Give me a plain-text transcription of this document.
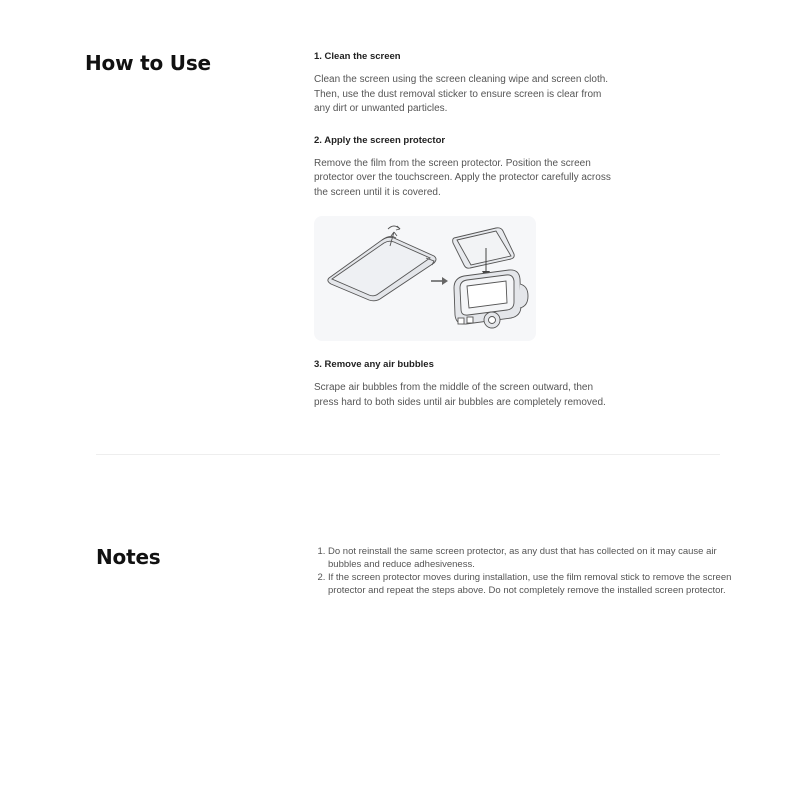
How to Use	1. Clean the screen

Clean the screen using the screen cleaning wipe and screen cloth. Then, use the dust removal sticker to ensure screen is clear from any dirt or unwanted particles.

2. Apply the screen protector

Remove the film from the screen protector. Position the screen protector over the touchscreen. Apply the protector carefully across the screen until it is covered.

3. Remove any air bubbles

Scrape air bubbles from the middle of the screen outward, then press hard to both sides until air bubbles are completely removed.

Notes
1.	Do not reinstall the same screen protector, as any dust that has collected on it may cause air bubbles and reduce adhesiveness.
2. If the screen protector moves during installation, use the film removal stick to remove the screen protector and repeat the steps above. Do not completely remove the installed screen protector.
